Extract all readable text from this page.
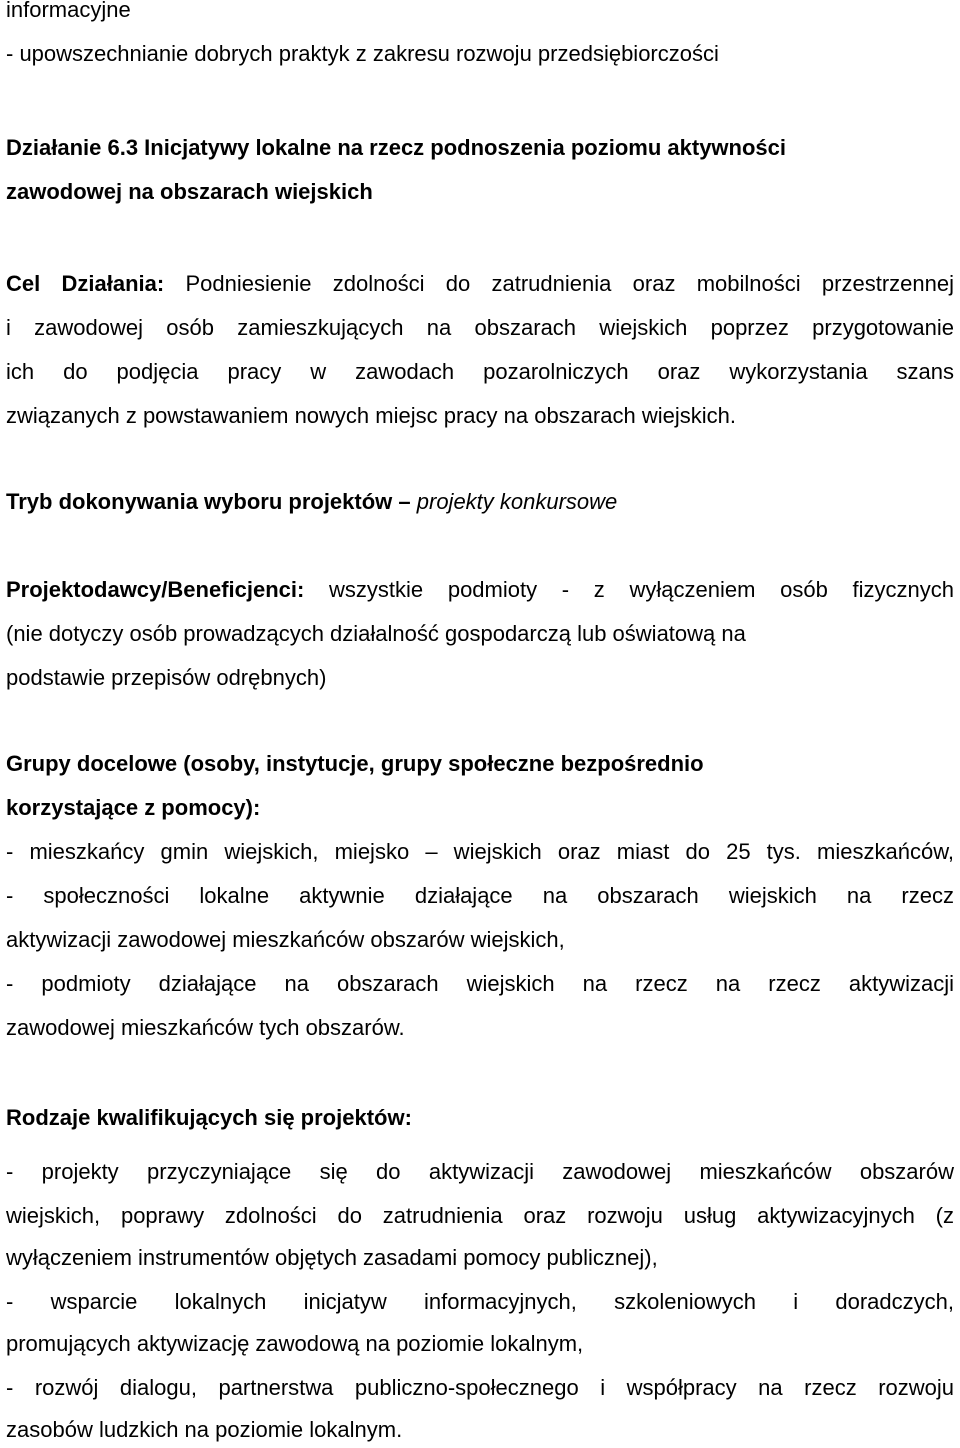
informacyjne
- upowszechnianie dobrych praktyk z zakresu rozwoju przedsiębiorczości
Działanie 6.3 Inicjatywy lokalne na rzecz podnoszenia poziomu aktywności
zawodowej na obszarach wiejskich
Cel Działania: Podniesienie zdolności do zatrudnienia oraz mobilności przestrzennej
i zawodowej osób zamieszkujących na obszarach wiejskich poprzez przygotowanie
ich do podjęcia pracy w zawodach pozarolniczych oraz wykorzystania szans
związanych z powstawaniem nowych miejsc pracy na obszarach wiejskich.
Tryb dokonywania wyboru projektów – projekty konkursowe
Projektodawcy/Beneficjenci: wszystkie podmioty - z wyłączeniem osób fizycznych
(nie dotyczy osób prowadzących działalność gospodarczą lub oświatową na
podstawie przepisów odrębnych)
Grupy docelowe (osoby, instytucje, grupy społeczne bezpośrednio
korzystające z pomocy):
- mieszkańcy gmin wiejskich, miejsko – wiejskich oraz miast do 25 tys. mieszkańców,
- społeczności lokalne aktywnie działające na obszarach wiejskich na rzecz
aktywizacji zawodowej mieszkańców obszarów wiejskich,
- podmioty działające na obszarach wiejskich na rzecz na rzecz aktywizacji
zawodowej mieszkańców tych obszarów.
Rodzaje kwalifikujących się projektów:
- projekty przyczyniające się do aktywizacji zawodowej mieszkańców obszarów
wiejskich, poprawy zdolności do zatrudnienia oraz rozwoju usług aktywizacyjnych (z
wyłączeniem instrumentów objętych zasadami pomocy publicznej),
- wsparcie lokalnych inicjatyw informacyjnych, szkoleniowych i doradczych,
promujących aktywizację zawodową na poziomie lokalnym,
- rozwój dialogu, partnerstwa publiczno-społecznego i współpracy na rzecz rozwoju
zasobów ludzkich na poziomie lokalnym.
